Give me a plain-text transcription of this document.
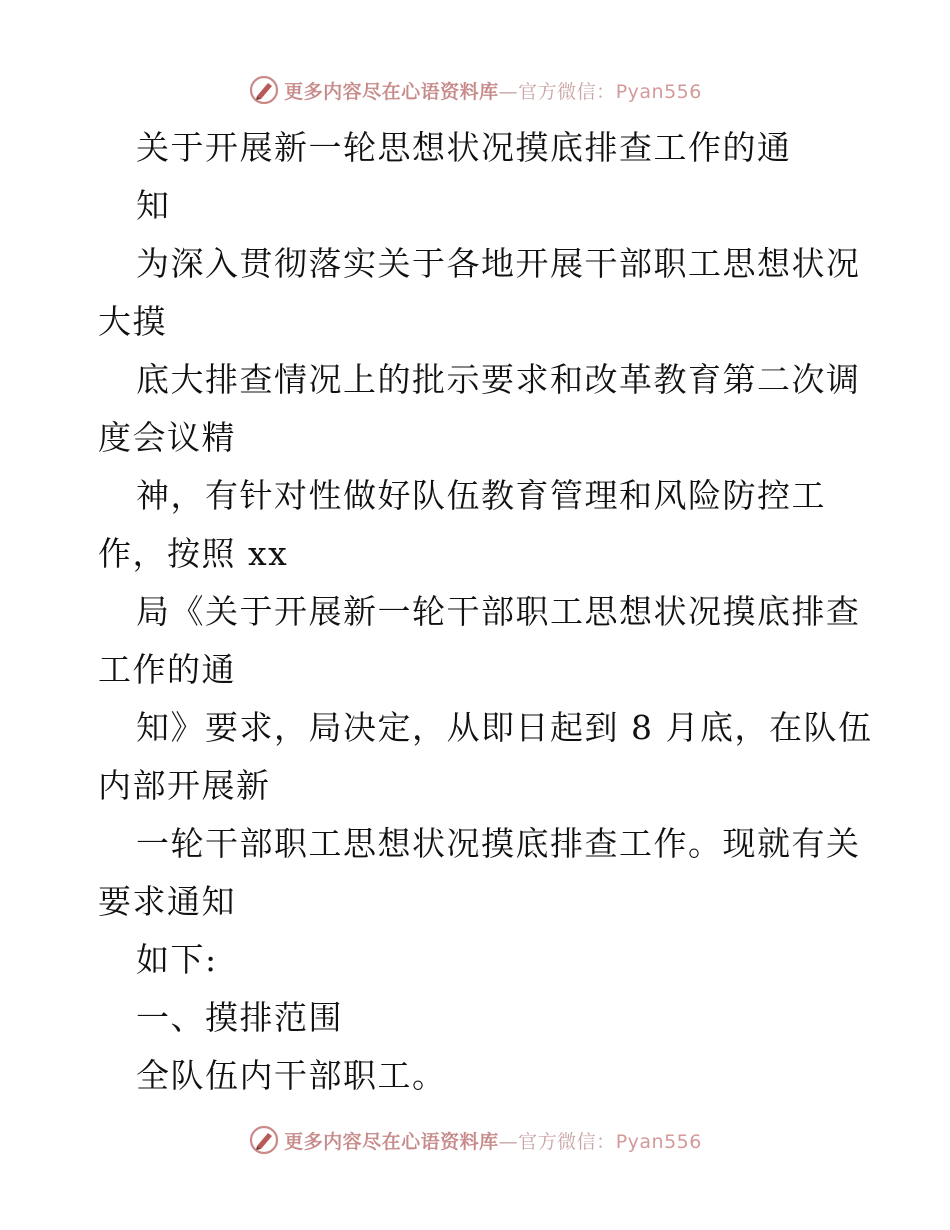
更多内容尽在心语资料库—官方微信：Pyan556
关于开展新一轮思想状况摸底排查工作的通
知
为深入贯彻落实关于各地开展干部职工思想状况
大摸
底大排查情况上的批示要求和改革教育第二次调
度会议精
神，有针对性做好队伍教育管理和风险防控工
作，按照 xx
局《关于开展新一轮干部职工思想状况摸底排查
工作的通
知》要求，局决定，从即日起到 8 月底，在队伍
内部开展新
一轮干部职工思想状况摸底排查工作。现就有关
要求通知
如下:
一、摸排范围
全队伍内干部职工。
更多内容尽在心语资料库—官方微信：Pyan556
